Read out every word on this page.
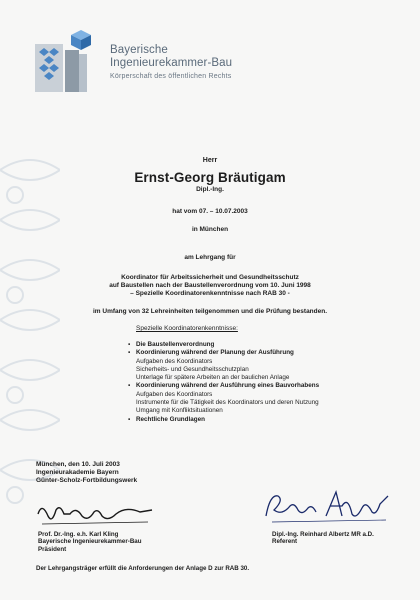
Bayerische
Ingenieurekammer-Bau
Körperschaft des öffentlichen Rechts
Herr
Ernst-Georg Bräutigam
Dipl.-Ing.
hat vom 07. – 10.07.2003
in München
am Lehrgang für
Koordinator für Arbeitssicherheit und Gesundheitsschutz
auf Baustellen nach der Baustellenverordnung vom 10. Juni 1998
– Spezielle Koordinatorenkenntnisse nach RAB 30 -
im Umfang von 32 Lehreinheiten teilgenommen und die Prüfung bestanden.
Spezielle Koordinatorenkenntnisse:
▪ Die Baustellenverordnung
▪ Koordinierung während der Planung der Ausführung
Aufgaben des Koordinators
Sicherheits- und Gesundheitsschutzplan
Unterlage für spätere Arbeiten an der baulichen Anlage
▪ Koordinierung während der Ausführung eines Bauvorhabens
Aufgaben des Koordinators
Instrumente für die Tätigkeit des Koordinators und deren Nutzung
Umgang mit Konfliktsituationen
▪ Rechtliche Grundlagen
München, den 10. Juli 2003
Ingenieurakademie Bayern
Günter-Scholz-Fortbildungswerk
Prof. Dr.-Ing. e.h. Karl Kling
Bayerische Ingenieurekammer-Bau
Präsident
Dipl.-Ing. Reinhard Albertz MR a.D.
Referent
Der Lehrgangsträger erfüllt die Anforderungen der Anlage D zur RAB 30.
